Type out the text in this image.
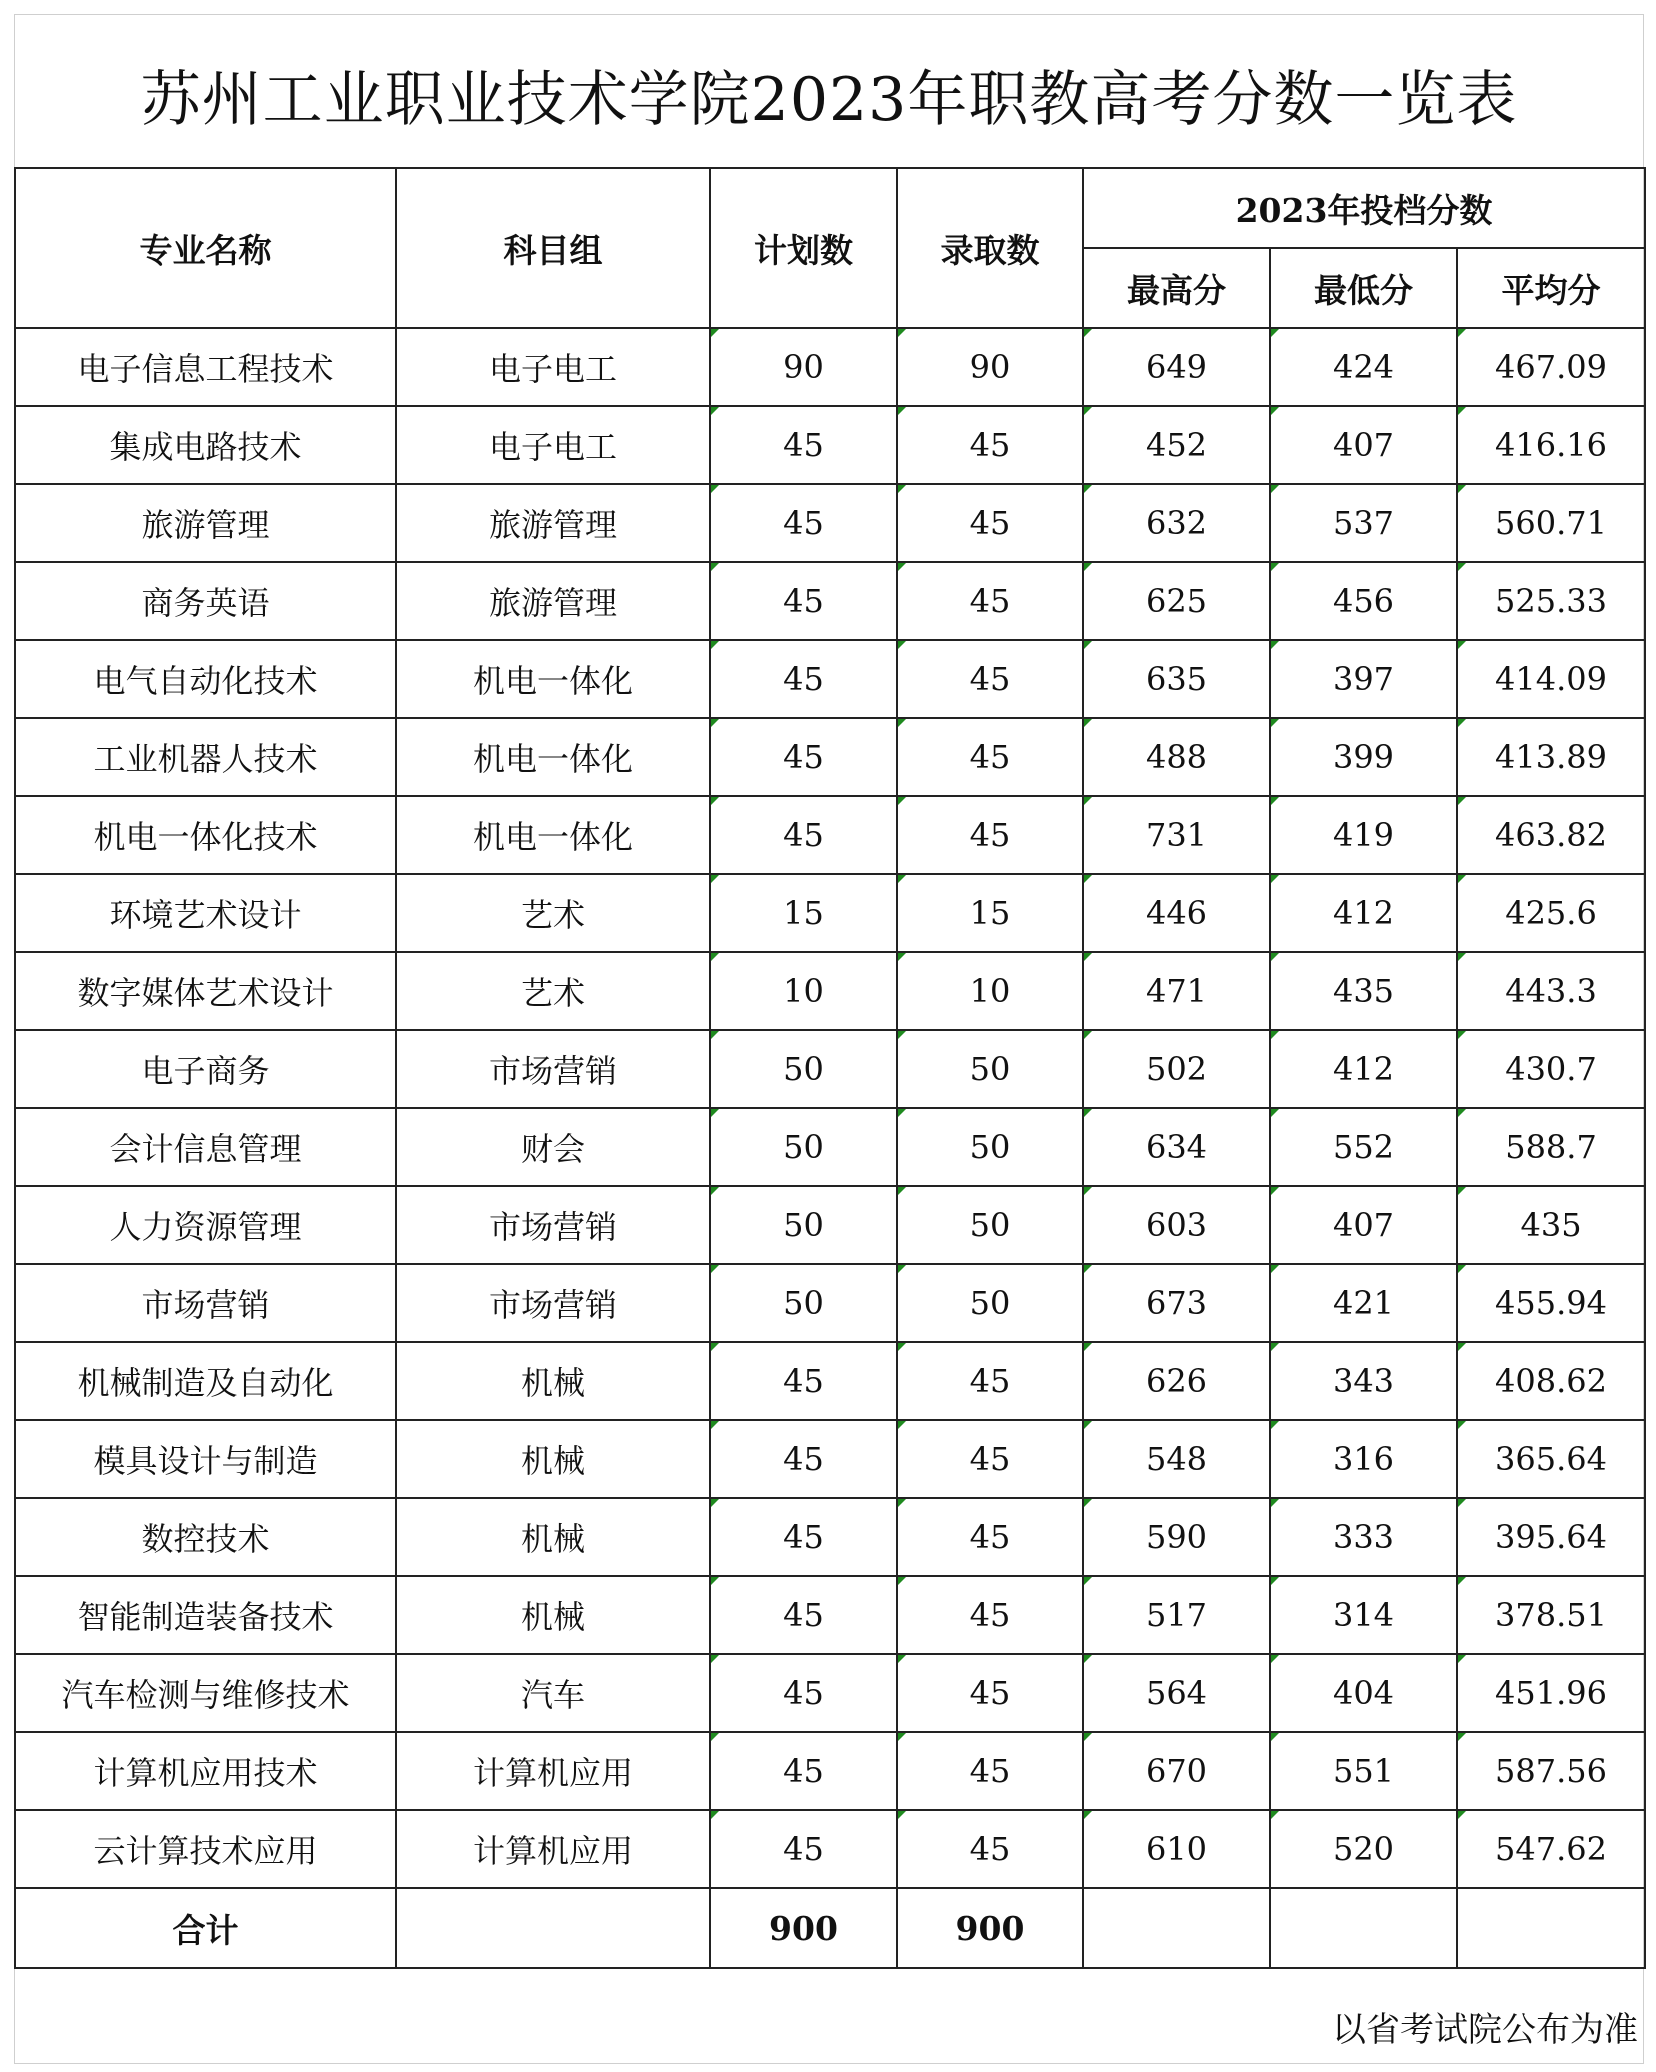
苏州工业职业技术学院2023年职教高考分数一览表
专业名称	科目组	计划数	录取数	2023年投档分数		
				最高分	最低分	平均分
电子信息工程技术	电子电工	90	90	649	424	467.09
集成电路技术	电子电工	45	45	452	407	416.16
旅游管理	旅游管理	45	45	632	537	560.71
商务英语	旅游管理	45	45	625	456	525.33
电气自动化技术	机电一体化	45	45	635	397	414.09
工业机器人技术	机电一体化	45	45	488	399	413.89
机电一体化技术	机电一体化	45	45	731	419	463.82
环境艺术设计	艺术	15	15	446	412	425.6
数字媒体艺术设计	艺术	10	10	471	435	443.3
电子商务	市场营销	50	50	502	412	430.7
会计信息管理	财会	50	50	634	552	588.7
人力资源管理	市场营销	50	50	603	407	435
市场营销	市场营销	50	50	673	421	455.94
机械制造及自动化	机械	45	45	626	343	408.62
模具设计与制造	机械	45	45	548	316	365.64
数控技术	机械	45	45	590	333	395.64
智能制造装备技术	机械	45	45	517	314	378.51
汽车检测与维修技术	汽车	45	45	564	404	451.96
计算机应用技术	计算机应用	45	45	670	551	587.56
云计算技术应用	计算机应用	45	45	610	520	547.62
合计		900	900			
以省考试院公布为准
